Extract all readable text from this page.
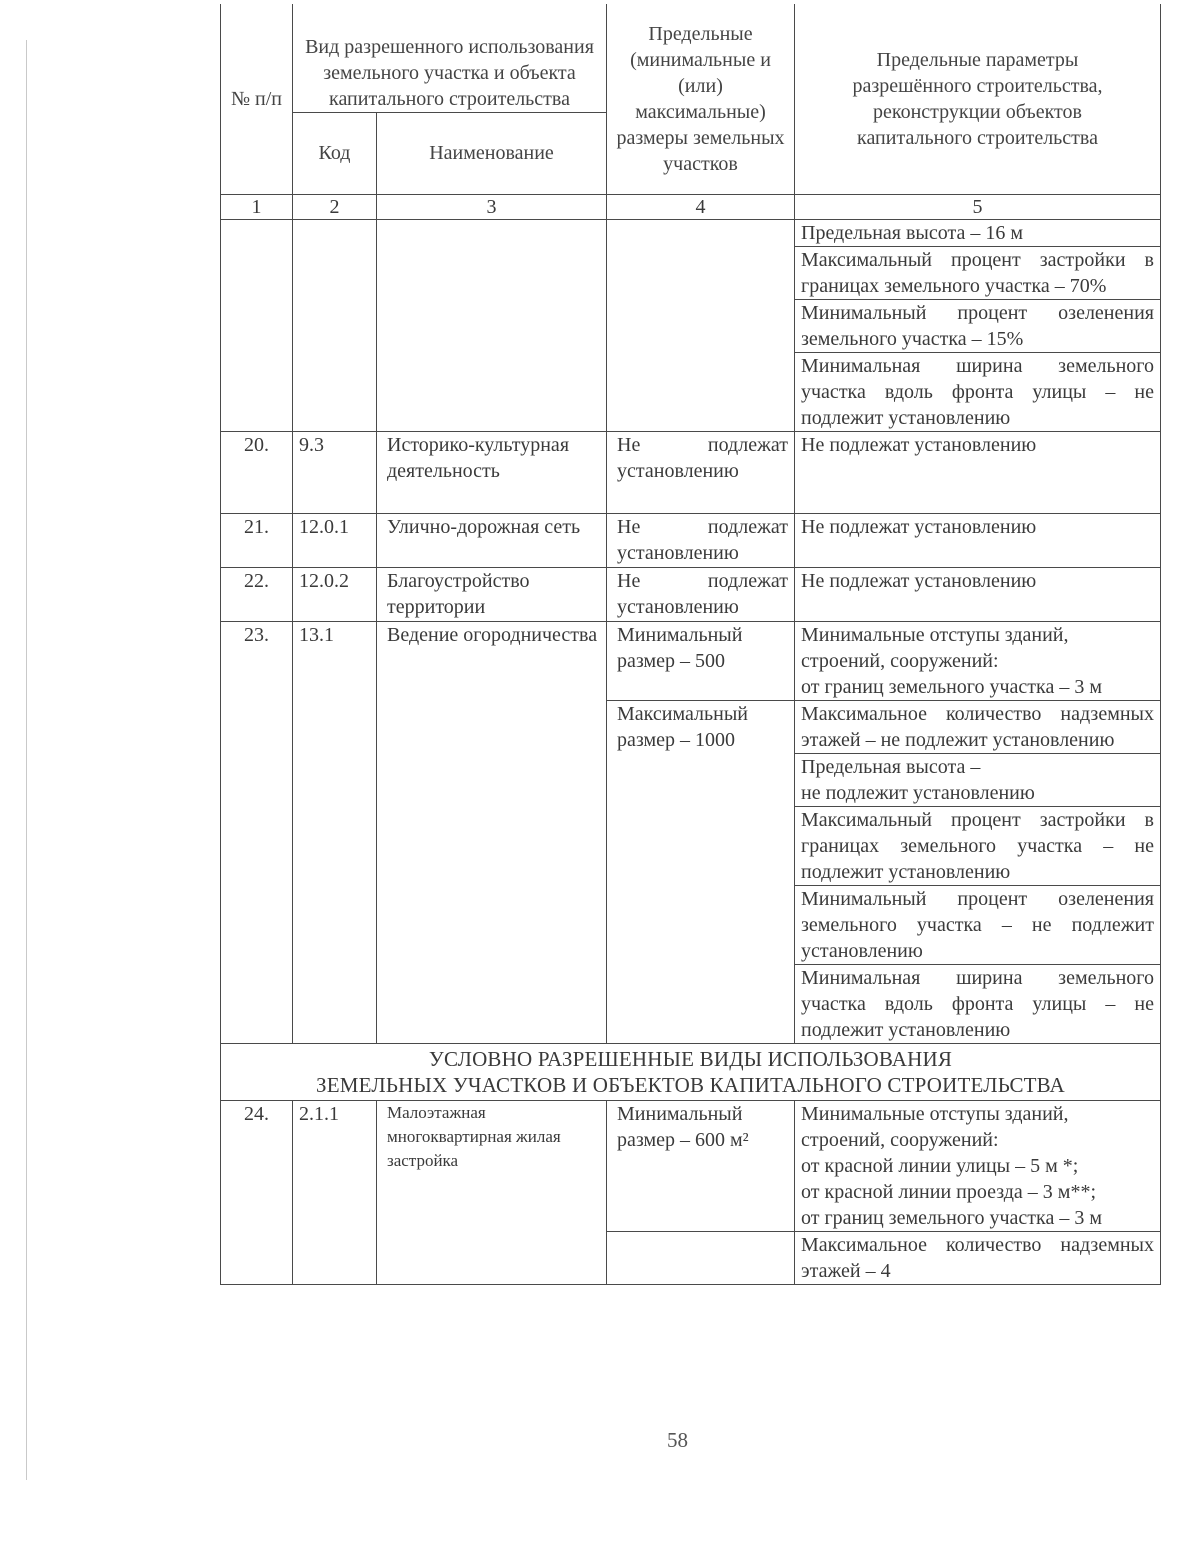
№ п/п	Вид разрешенного использования земельного участка и объекта капитального строительства		Предельные (минимальные и (или) максимальные) размеры земельных участков	Предельные параметры разрешённого строительства, реконструкции объектов капитального строительства
	Код	Наименование		
1	2	3	4	5
				Предельная высота – 16 м
				Максимальный процент застройки в границах земельного участка – 70%
				Минимальный процент озеленения земельного участка – 15%
				Минимальная ширина земельного участка вдоль фронта улицы – не подлежит установлению
20.	9.3	Историко-культурная деятельность	Не подлежат установлению	Не подлежат установлению
21.	12.0.1	Улично-дорожная сеть	Не подлежат установлению	Не подлежат установлению
22.	12.0.2	Благоустройство территории	Не подлежат установлению	Не подлежат установлению
23.	13.1	Ведение огородничества	Минимальный размер – 500	Минимальные отступы зданий, строений, сооружений:
от границ земельного участка – 3 м

			Максимальный размер – 1000	Максимальное количество надземных этажей – не подлежит установлению

				Предельная высота –
не подлежит установлению

				Максимальный процент застройки в границах земельного участка – не подлежит установлению
				Минимальный процент озеленения земельного участка – не подлежит установлению
				Минимальная ширина земельного участка вдоль фронта улицы – не подлежит установлению

УСЛОВНО РАЗРЕШЕННЫЕ ВИДЫ ИСПОЛЬЗОВАНИЯ
ЗЕМЕЛЬНЫХ УЧАСТКОВ И ОБЪЕКТОВ КАПИТАЛЬНОГО СТРОИТЕЛЬСТВА				

24.	2.1.1	Малоэтажная многоквартирная жилая застройка	Минимальный размер – 600 м²	Минимальные отступы зданий, строений, сооружений:
от красной линии улицы – 5 м *;
от красной линии проезда – 3 м**;
от границ земельного участка – 3 м

				Максимальное количество надземных этажей – 4
58
